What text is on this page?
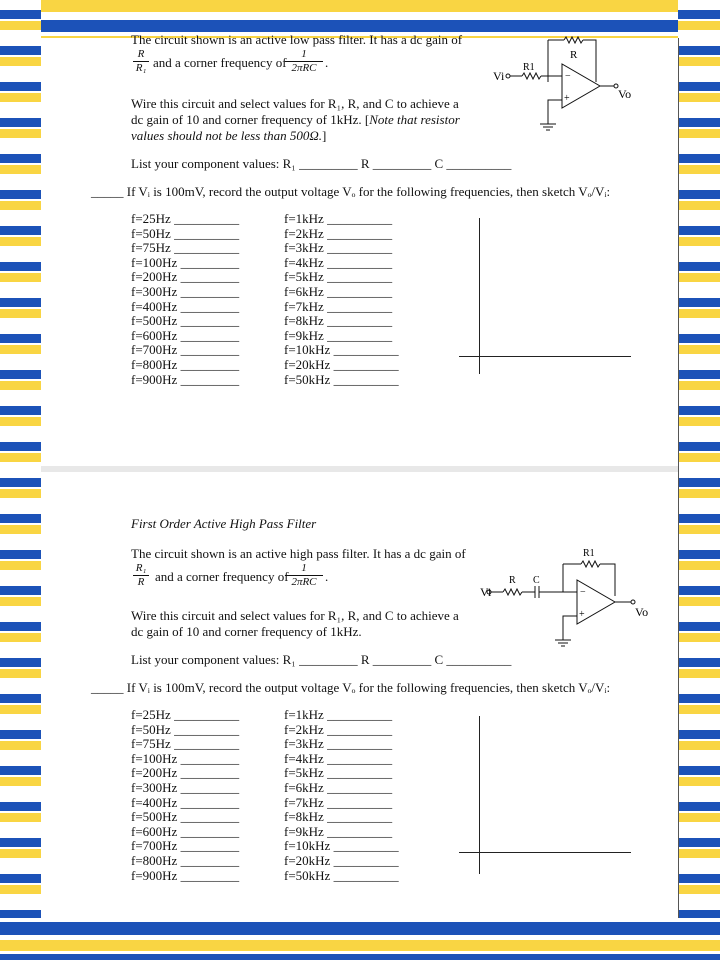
The circuit shown is an active low pass filter. It has a dc gain of
$\frac{R}{\text{R₁}}$ and a corner frequency of
1
2πRC .
−
+
Vi
R1
R
Vo
Wire this circuit and select values for R₁, R, and C to achieve a
dc gain of 10 and corner frequency of 1kHz. [Note that resistor
values should not be less than 500Ω.]
List your component values: R₁ _________ R _________ C __________
_____ If Vᵢ is 100mV, record the output voltage Vₒ for the following frequencies, then sketch Vₒ/Vᵢ:
f=25Hz __________
f=50Hz __________
f=75Hz __________
f=100Hz _________
f=200Hz _________
f=300Hz _________
f=400Hz _________
f=500Hz _________
f=600Hz _________
f=700Hz _________
f=800Hz _________
f=900Hz _________
f=1kHz __________
f=2kHz __________
f=3kHz __________
f=4kHz __________
f=5kHz __________
f=6kHz __________
f=7kHz __________
f=8kHz __________
f=9kHz __________
f=10kHz __________
f=20kHz __________
f=50kHz __________
First Order Active High Pass Filter
The circuit shown is an active high pass filter. It has a dc gain of
$\frac{\text{R₁}}{R}$ and a corner frequency of
1
2πRC .
−
+
Vi
R C
R1
Vo
Wire this circuit and select values for R₁, R, and C to achieve a
dc gain of 10 and corner frequency of 1kHz.
List your component values: R₁ _________ R _________ C __________
_____ If Vᵢ is 100mV, record the output voltage Vₒ for the following frequencies, then sketch Vₒ/Vᵢ:
f=25Hz __________
f=50Hz __________
f=75Hz __________
f=100Hz _________
f=200Hz _________
f=300Hz _________
f=400Hz _________
f=500Hz _________
f=600Hz _________
f=700Hz _________
f=800Hz _________
f=900Hz _________
f=1kHz __________
f=2kHz __________
f=3kHz __________
f=4kHz __________
f=5kHz __________
f=6kHz __________
f=7kHz __________
f=8kHz __________
f=9kHz __________
f=10kHz __________
f=20kHz __________
f=50kHz __________
